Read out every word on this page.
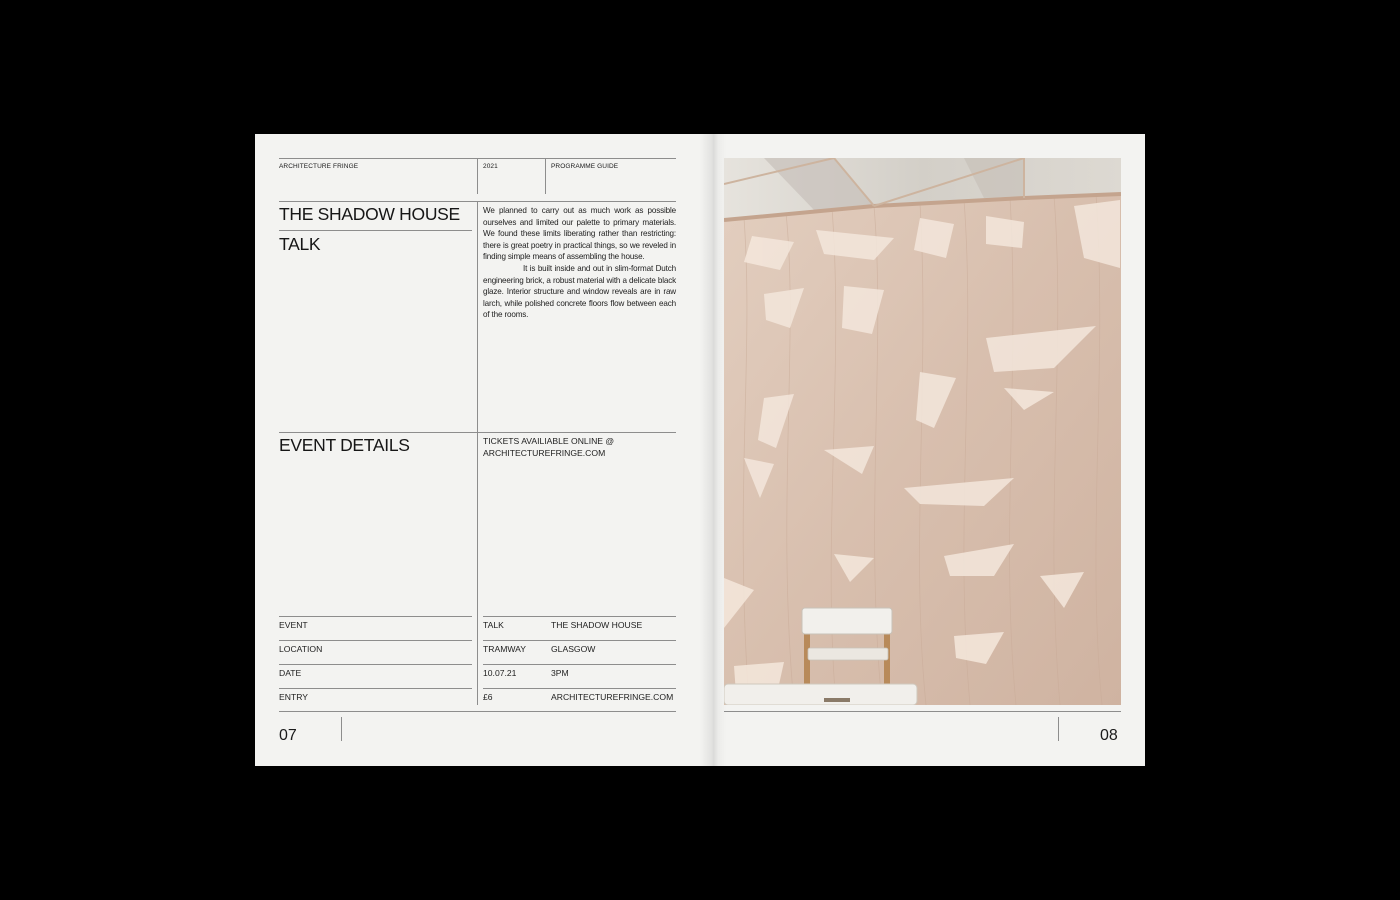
ARCHITECTURE FRINGE	2021	PROGRAMME GUIDE
THE SHADOW HOUSE
TALK

We planned to carry out as much work as possible ourselves and limited our palette to primary materials. We found these limits liberating rather than restricting: there is great poetry in practical things, so we reveled in finding simple means of assembling the house.

It is built inside and out in slim-format Dutch engineering brick, a robust material with a delicate black glaze. Interior structure and window reveals are in raw larch, while polished concrete floors flow between each of the rooms.

EVENT DETAILS	TICKETS AVAILIABLE ONLINE @
ARCHITECTUREFRINGE.COM
EVENT	TALK	THE SHADOW HOUSE
LOCATION	TRAMWAY	GLASGOW
DATE	10.07.21	3PM
ENTRY	£6	ARCHITECTUREFRINGE.COM
07	08
